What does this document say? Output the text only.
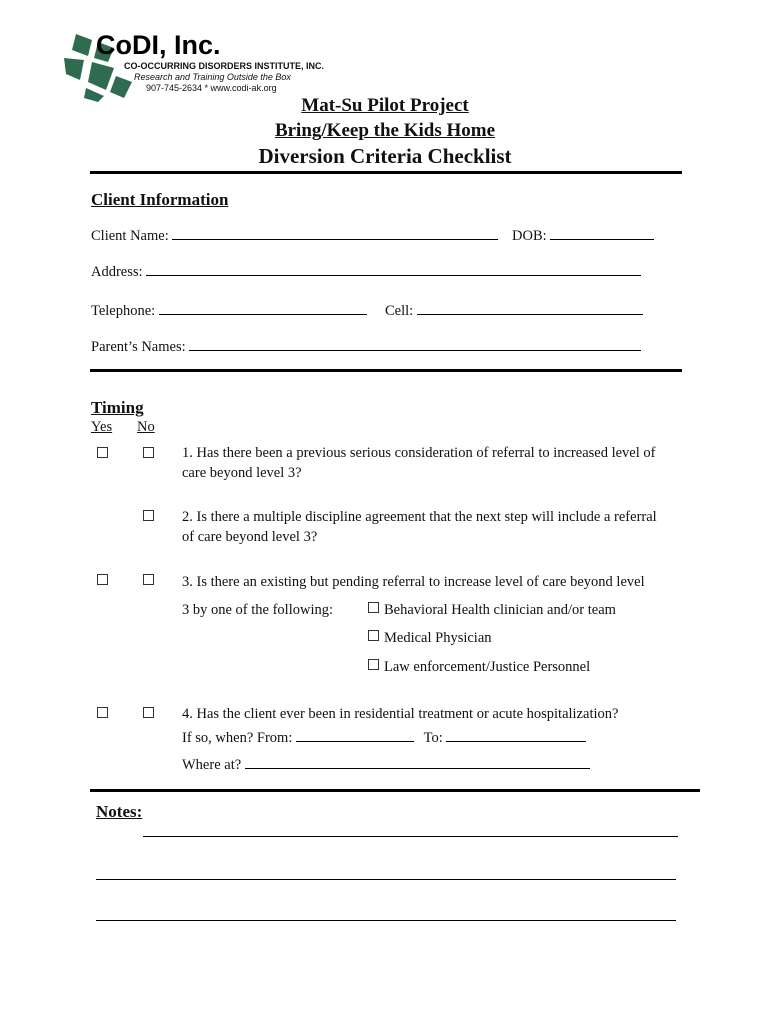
CoDI, Inc.
CO-OCCURRING DISORDERS INSTITUTE, INC.
Research and Training Outside the Box
907-745-2634 * www.codi-ak.org
Mat-Su Pilot Project
Bring/Keep the Kids Home
Diversion Criteria Checklist
Client Information
Client Name:	DOB:
Address:
Telephone:	Cell:
Parent’s Names:
Timing
Yes No
1. Has there been a previous serious consideration of referral to increased level of
care beyond level 3?
2. Is there a multiple discipline agreement that the next step will include a referral
of care beyond level 3?
3. Is there an existing but pending referral to increase level of care beyond level
3 by one of the following:	Behavioral Health clinician and/or team
Medical Physician
Law enforcement/Justice Personnel
4. Has the client ever been in residential treatment or acute hospitalization?
If so, when? From:	To:
Where at?
Notes:
